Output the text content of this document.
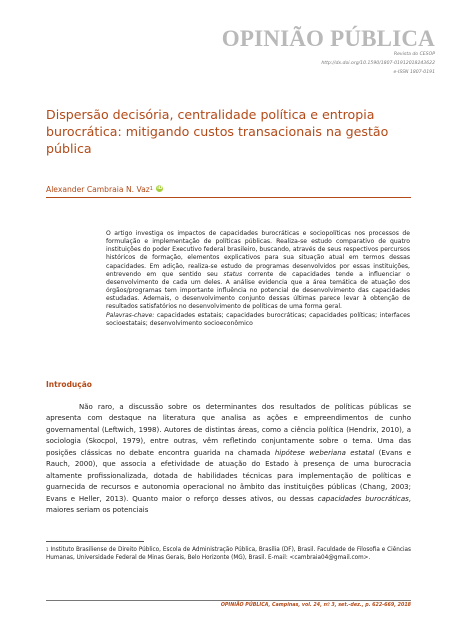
OPINIÃO PÚBLICA
Revista do CESOP
http://dx.doi.org/10.1590/1807-01912018243622
e-ISSN 1807-0191
Dispersão decisória, centralidade política e entropia burocrática: mitigando custos transacionais na gestão pública
Alexander Cambraia N. Vaz$^1$ iD

O artigo investiga os impactos de capacidades burocráticas e sociopolíticas nos processos de formulação e implementação de políticas públicas. Realiza-se estudo comparativo de quatro instituições do poder Executivo federal brasileiro, buscando, através de seus respectivos percursos históricos de formação, elementos explicativos para sua situação atual em termos dessas capacidades. Em adição, realiza-se estudo de programas desenvolvidos por essas instituições, entrevendo em que sentido seu status corrente de capacidades tende a influenciar o desenvolvimento de cada um deles. A análise evidencia que a área temática de atuação dos órgãos/programas tem importante influência no potencial de desenvolvimento das capacidades estudadas. Ademais, o desenvolvimento conjunto dessas últimas parece levar à obtenção de resultados satisfatórios no desenvolvimento de políticas de uma forma geral.

Palavras-chave: capacidades estatais; capacidades burocráticas; capacidades políticas; interfaces socioestatais; desenvolvimento socioeconômico

Introdução
Não raro, a discussão sobre os determinantes dos resultados de políticas públicas se apresenta com destaque na literatura que analisa as ações e empreendimentos de cunho governamental (Leftwich, 1998). Autores de distintas áreas, como a ciência política (Hendrix, 2010), a sociologia (Skocpol, 1979), entre outras, vêm refletindo conjuntamente sobre o tema. Uma das posições clássicas no debate encontra guarida na chamada hipótese weberiana estatal (Evans e Rauch, 2000), que associa a efetividade de atuação do Estado à presença de uma burocracia altamente profissionalizada, dotada de habilidades técnicas para implementação de políticas e guarnecida de recursos e autonomia operacional no âmbito das instituições públicas (Chang, 2003; Evans e Heller, 2013). Quanto maior o reforço desses ativos, ou dessas capacidades burocráticas, maiores seriam os potenciais
$^1$ Instituto Brasiliense de Direito Público, Escola de Administração Pública, Brasília (DF), Brasil. Faculdade de Filosofia e Ciências Humanas, Universidade Federal de Minas Gerais, Belo Horizonte (MG), Brasil. E-mail: <cambraia04@gmail.com>.
OPINIÃO PÚBLICA, Campinas, vol. 24, nº 3, set.-dez., p. 622-669, 2018
